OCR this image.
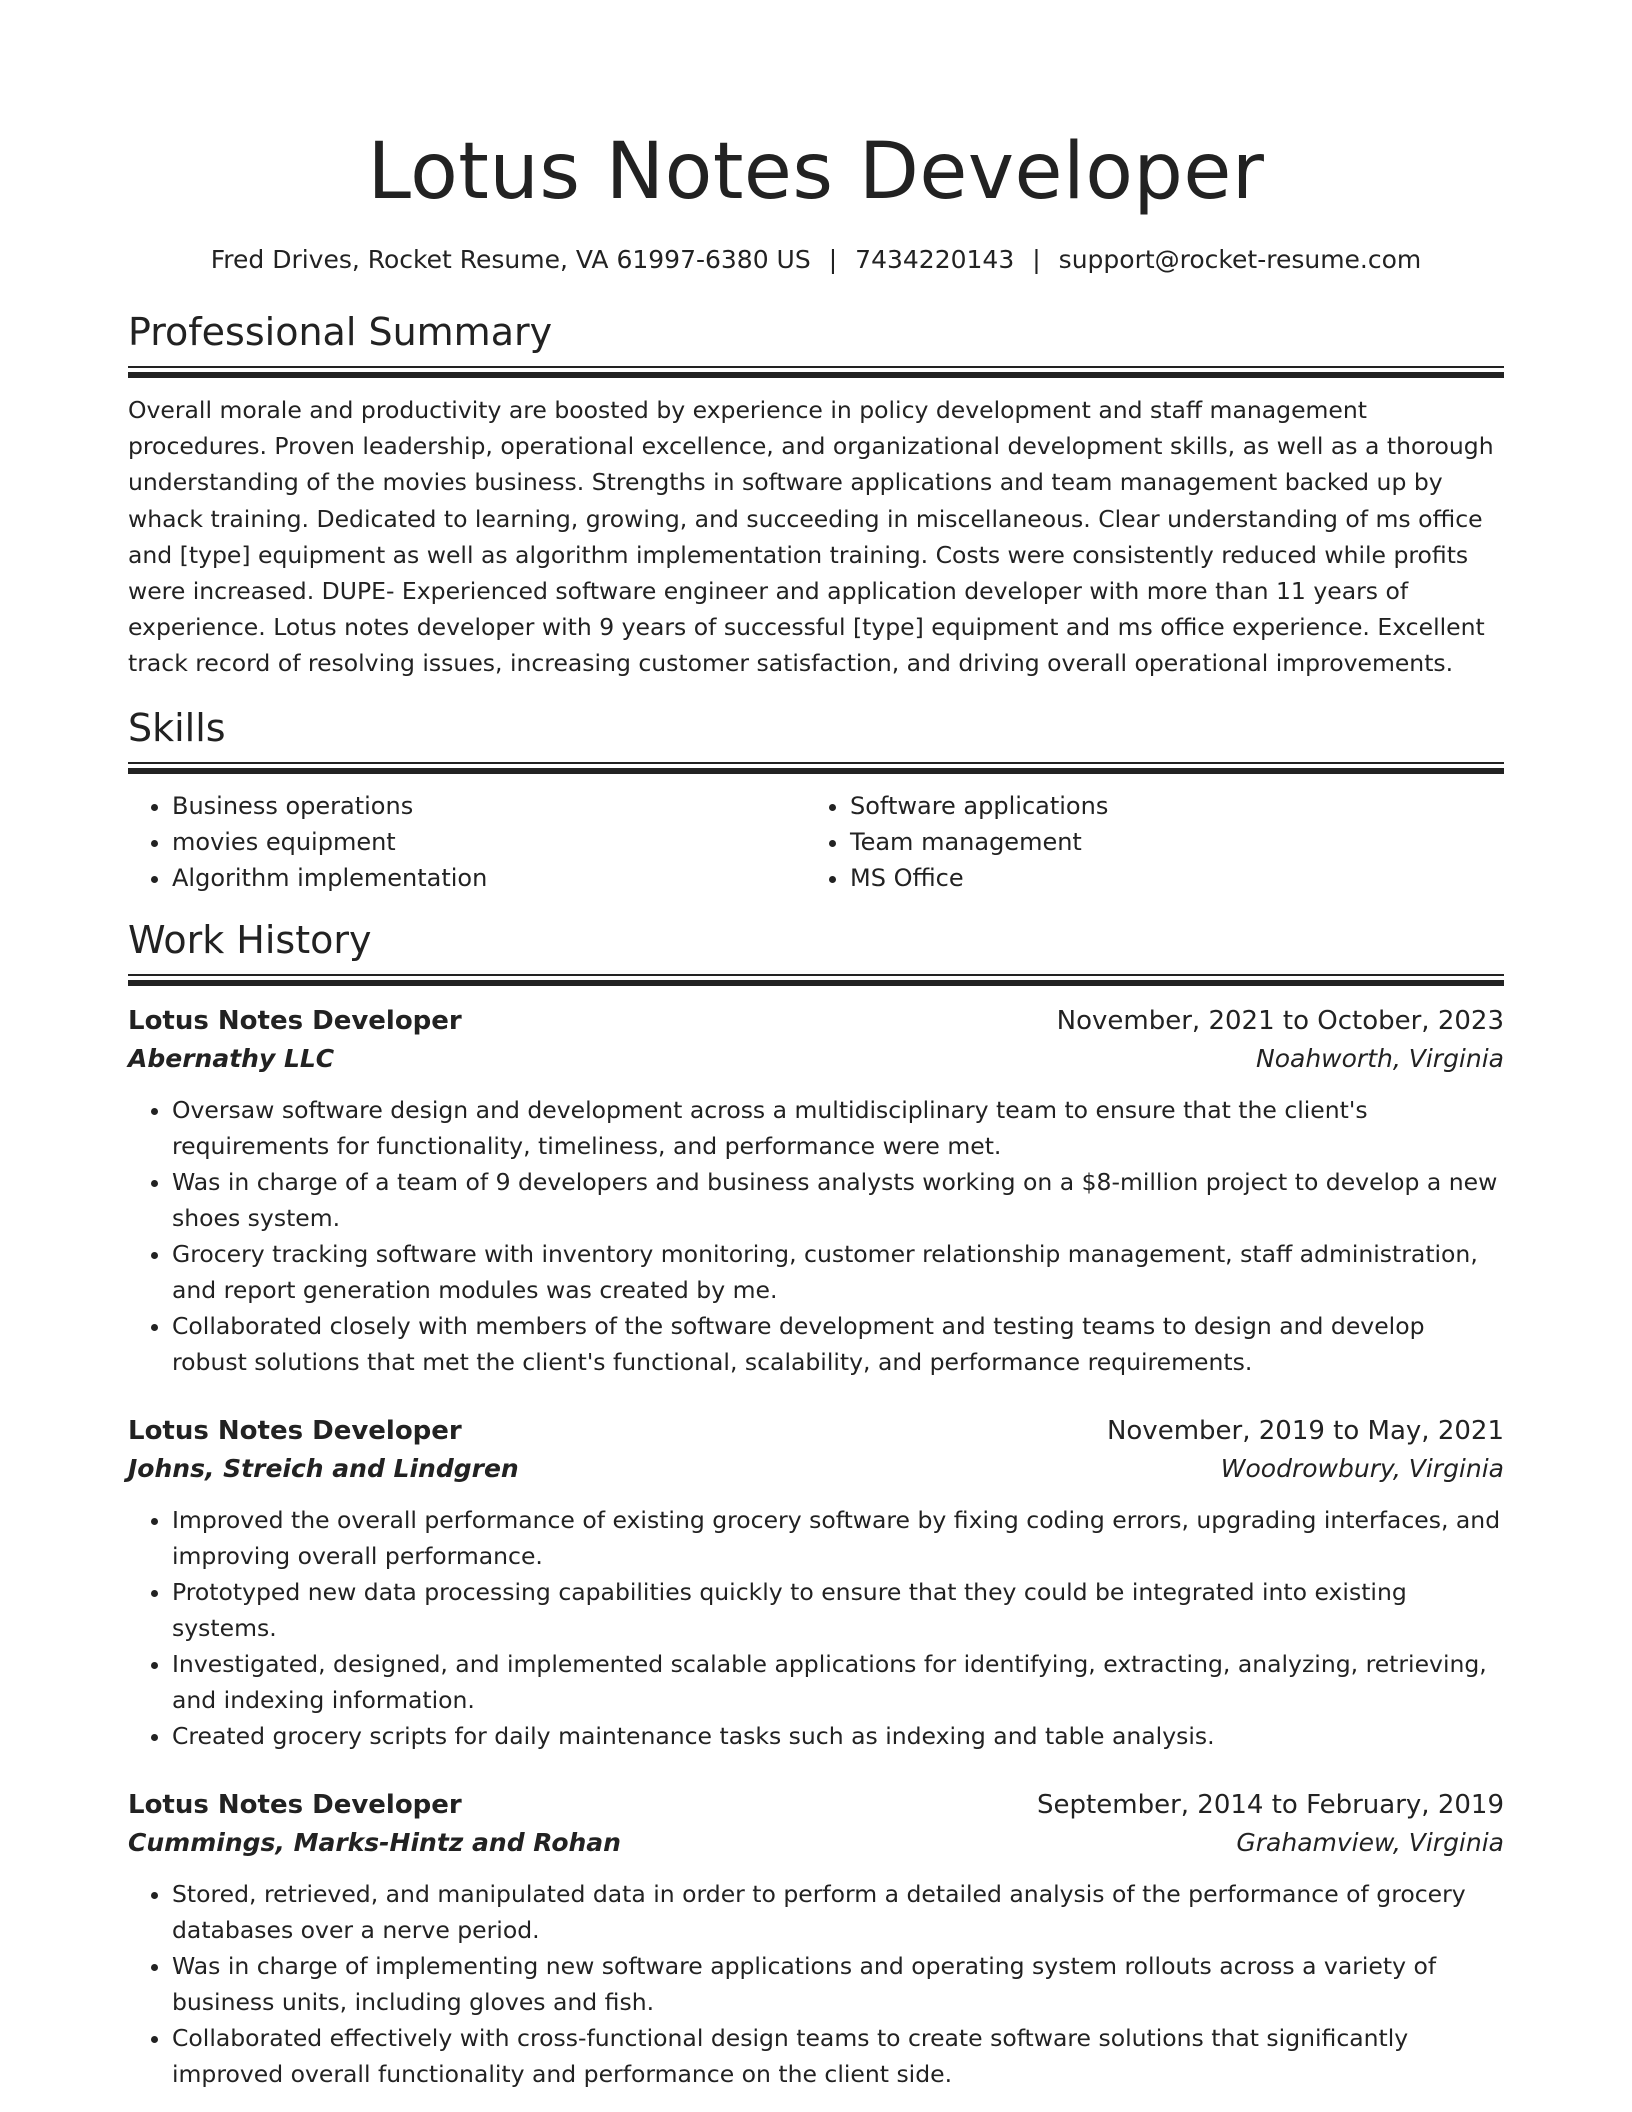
Lotus Notes Developer
Fred Drives, Rocket Resume, VA 61997-6380 US | 7434220143 | support@rocket-resume.com
Professional Summary

Overall morale and productivity are boosted by experience in policy development and staff management procedures. Proven leadership, operational excellence, and organizational development skills, as well as a thorough understanding of the movies business. Strengths in software applications and team management backed up by whack training. Dedicated to learning, growing, and succeeding in miscellaneous. Clear understanding of ms office and [type] equipment as well as algorithm implementation training. Costs were consistently reduced while profits were increased. DUPE- Experienced software engineer and application developer with more than 11 years of experience. Lotus notes developer with 9 years of successful [type] equipment and ms office experience. Excellent track record of resolving issues, increasing customer satisfaction, and driving overall operational improvements.

Skills
• Business operations
• movies equipment
• Algorithm implementation
• Software applications
• Team management
• MS Office
Work History
Lotus Notes Developer	November, 2021 to October, 2023
Abernathy LLC	Noahworth, Virginia
• Oversaw software design and development across a multidisciplinary team to ensure that the client's requirements for functionality, timeliness, and performance were met.
• Was in charge of a team of 9 developers and business analysts working on a $8-million project to develop a new shoes system.
• Grocery tracking software with inventory monitoring, customer relationship management, staff administration, and report generation modules was created by me.
• Collaborated closely with members of the software development and testing teams to design and develop robust solutions that met the client's functional, scalability, and performance requirements.
Lotus Notes Developer	November, 2019 to May, 2021
Johns, Streich and Lindgren	Woodrowbury, Virginia
• Improved the overall performance of existing grocery software by fixing coding errors, upgrading interfaces, and improving overall performance.
• Prototyped new data processing capabilities quickly to ensure that they could be integrated into existing systems.
• Investigated, designed, and implemented scalable applications for identifying, extracting, analyzing, retrieving, and indexing information.
• Created grocery scripts for daily maintenance tasks such as indexing and table analysis.
Lotus Notes Developer	September, 2014 to February, 2019
Cummings, Marks-Hintz and Rohan	Grahamview, Virginia
• Stored, retrieved, and manipulated data in order to perform a detailed analysis of the performance of grocery databases over a nerve period.
• Was in charge of implementing new software applications and operating system rollouts across a variety of business units, including gloves and fish.
• Collaborated effectively with cross-functional design teams to create software solutions that significantly improved overall functionality and performance on the client side.
